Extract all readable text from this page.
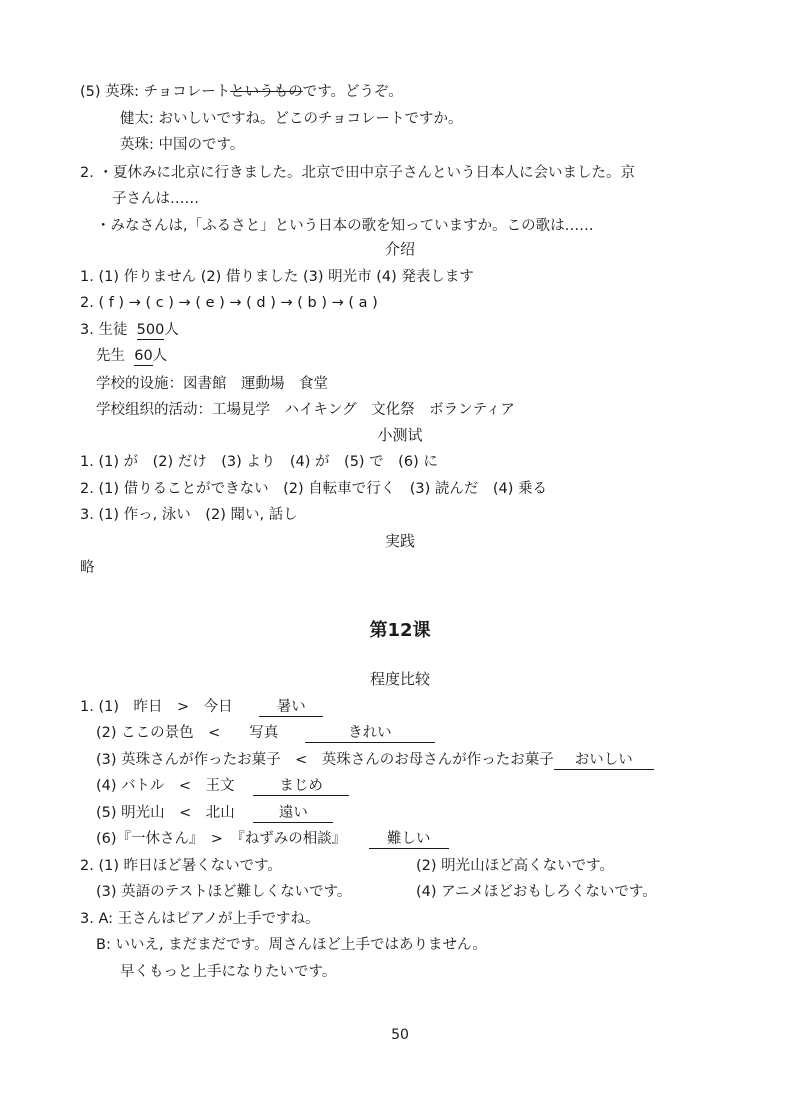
(5) 英珠: チョコレートというものです。どうぞ。
健太: おいしいですね。どこのチョコレートですか。
英珠: 中国のです。
2. ・夏休みに北京に行きました。北京で田中京子さんという日本人に会いました。京
子さんは……
・みなさんは,「ふるさと」という日本の歌を知っていますか。この歌は……
介绍
1. (1) 作りません (2) 借りました (3) 明光市 (4) 発表します
2. ( f ) → ( c ) → ( e ) → ( d ) → ( b ) → ( a )
3. 生徒 500人
先生 60人
学校的设施：図書館　運動場　食堂
学校组织的活动：工場見学　ハイキング　文化祭　ボランティア
小测试
1. (1) が　(2) だけ　(3) より　(4) が　(5) で　(6) に
2. (1) 借りることができない　(2) 自転車で行く　(3) 読んだ　(4) 乗る
3. (1) 作っ, 泳い　(2) 聞い, 話し
実践
略
第12课
程度比较
1. (1)　昨日　>　今日	暑い
(2) ここの景色　<　　写真	きれい
(3) 英珠さんが作ったお菓子　<　英珠さんのお母さんが作ったお菓子 おいしい
(4) バトル　<　王文	まじめ
(5) 明光山　<　北山	遠い
(6)『一休さん』　>　『ねずみの相談』	難しい
2. (1) 昨日ほど暑くないです。	(2) 明光山ほど高くないです。
(3) 英語のテストほど難しくないです。	(4) アニメほどおもしろくないです。
3. A: 王さんはピアノが上手ですね。
B: いいえ, まだまだです。周さんほど上手ではありません。
早くもっと上手になりたいです。
50
